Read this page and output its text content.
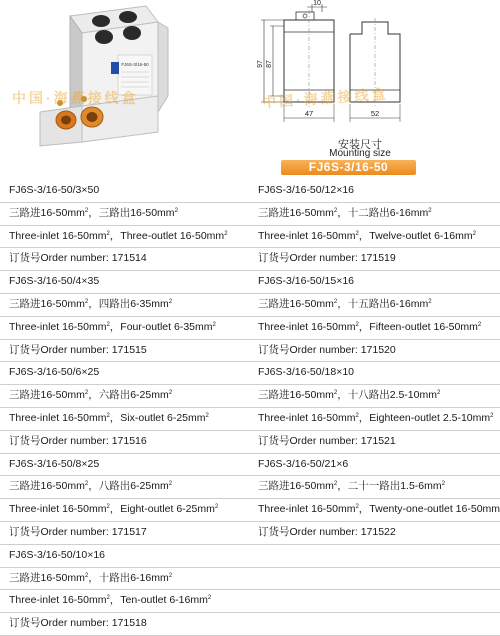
FJ6S-3/16-50
中国·海燕接线盒
10
97 87
47	52
中国·海燕接线盒
安装尺寸
Mounting size
FJ6S-3/16-50
FJ6S-3/16-50/3×50	FJ6S-3/16-50/12×16
三路进$16-50mm^2$，三路出$16-50mm^2$	三路进$16-50mm^2$，十二路出$6-16mm^2$
Three-inlet $16-50mm^2$，Three-outlet $16-50mm^2$	Three-inlet $16-50mm^2$，Twelve-outlet $6-16mm^2$
订货号Order number: 171514	订货号Order number: 171519
FJ6S-3/16-50/4×35	FJ6S-3/16-50/15×16
三路进$16-50mm^2$，四路出$6-35mm^2$	三路进$16-50mm^2$，十五路出$6-16mm^2$
Three-inlet $16-50mm^2$，Four-outlet $6-35mm^2$	Three-inlet $16-50mm^2$，Fifteen-outlet $16-50mm^2$
订货号Order number: 171515	订货号Order number: 171520
FJ6S-3/16-50/6×25	FJ6S-3/16-50/18×10
三路进$16-50mm^2$，六路出$6-25mm^2$	三路进$16-50mm^2$，十八路出$2.5-10mm^2$
Three-inlet $16-50mm^2$，Six-outlet $6-25mm^2$	Three-inlet $16-50mm^2$，Eighteen-outlet $2.5-10mm^2$
订货号Order number: 171516	订货号Order number: 171521
FJ6S-3/16-50/8×25	FJ6S-3/16-50/21×6
三路进$16-50mm^2$，八路出$6-25mm^2$	三路进$16-50mm^2$，二十一路出$1.5-6mm^2$
Three-inlet $16-50mm^2$，Eight-outlet $6-25mm^2$	Three-inlet $16-50mm^2$，Twenty-one-outlet 16-50mm
订货号Order number: 171517	订货号Order number: 171522
FJ6S-3/16-50/10×16
三路进$16-50mm^2$，十路出$6-16mm^2$
Three-inlet $16-50mm^2$，Ten-outlet $6-16mm^2$
订货号Order number: 171518
